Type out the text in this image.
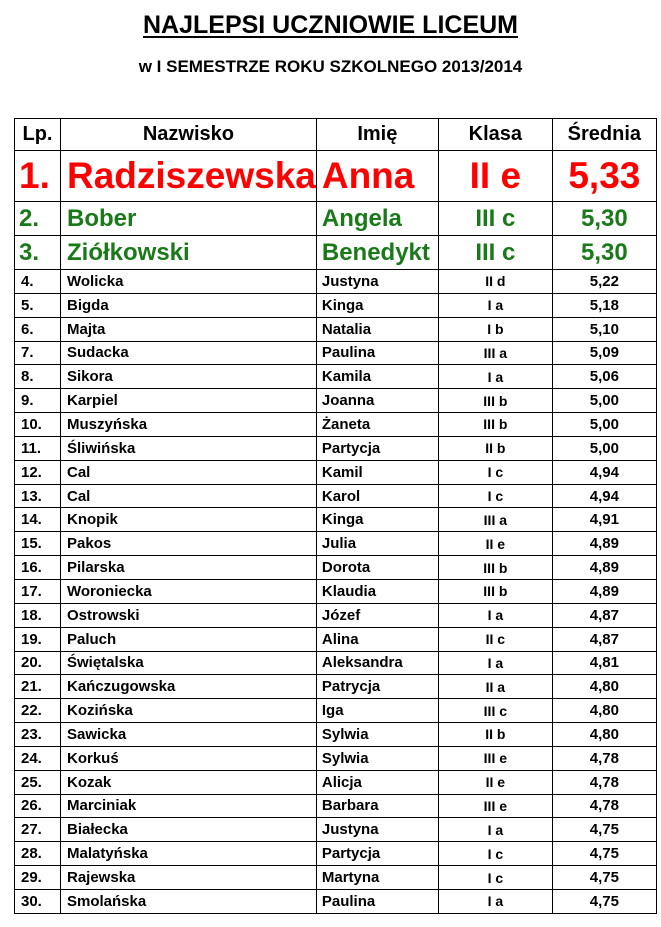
NAJLEPSI UCZNIOWIE LICEUM
w I SEMESTRZE ROKU SZKOLNEGO 2013/2014
Lp.	Nazwisko	Imię	Klasa	Średnia
1.	Radziszewska	Anna	II e	5,33
2.	Bober	Angela	III c	5,30
3.	Ziółkowski	Benedykt	III c	5,30
4.	Wolicka	Justyna	II d	5,22
5.	Bigda	Kinga	I a	5,18
6.	Majta	Natalia	I b	5,10
7.	Sudacka	Paulina	III a	5,09
8.	Sikora	Kamila	I a	5,06
9.	Karpiel	Joanna	III b	5,00
10.	Muszyńska	Żaneta	III b	5,00
11.	Śliwińska	Partycja	II b	5,00
12.	Cal	Kamil	I c	4,94
13.	Cal	Karol	I c	4,94
14.	Knopik	Kinga	III a	4,91
15.	Pakos	Julia	II e	4,89
16.	Pilarska	Dorota	III b	4,89
17.	Woroniecka	Klaudia	III b	4,89
18.	Ostrowski	Józef	I a	4,87
19.	Paluch	Alina	II c	4,87
20.	Świętalska	Aleksandra	I a	4,81
21.	Kańczugowska	Patrycja	II a	4,80
22.	Kozińska	Iga	III c	4,80
23.	Sawicka	Sylwia	II b	4,80
24.	Korkuś	Sylwia	III e	4,78
25.	Kozak	Alicja	II e	4,78
26.	Marciniak	Barbara	III e	4,78
27.	Białecka	Justyna	I a	4,75
28.	Malatyńska	Partycja	I c	4,75
29.	Rajewska	Martyna	I c	4,75
30.	Smolańska	Paulina	I a	4,75
